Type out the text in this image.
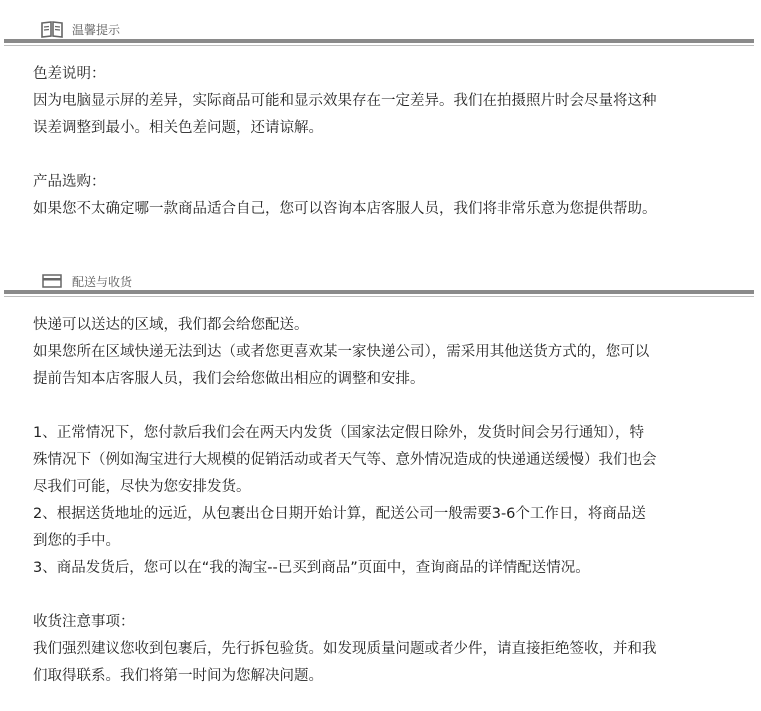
温馨提示

色差说明：

因为电脑显示屏的差异，实际商品可能和显示效果存在一定差异。我们在拍摄照片时会尽量将这种

误差调整到最小。相关色差问题，还请谅解。

产品选购：

如果您不太确定哪一款商品适合自己，您可以咨询本店客服人员，我们将非常乐意为您提供帮助。

配送与收货

快递可以送达的区域，我们都会给您配送。

如果您所在区域快递无法到达（或者您更喜欢某一家快递公司），需采用其他送货方式的，您可以

提前告知本店客服人员，我们会给您做出相应的调整和安排。

1、正常情况下，您付款后我们会在两天内发货（国家法定假日除外，发货时间会另行通知），特

殊情况下（例如淘宝进行大规模的促销活动或者天气等、意外情况造成的快递通送缓慢）我们也会

尽我们可能，尽快为您安排发货。

2、根据送货地址的远近，从包裹出仓日期开始计算，配送公司一般需要3-6个工作日，将商品送

到您的手中。

3、商品发货后，您可以在“我的淘宝--已买到商品”页面中，查询商品的详情配送情况。

收货注意事项：

我们强烈建议您收到包裹后，先行拆包验货。如发现质量问题或者少件，请直接拒绝签收，并和我

们取得联系。我们将第一时间为您解决问题。
